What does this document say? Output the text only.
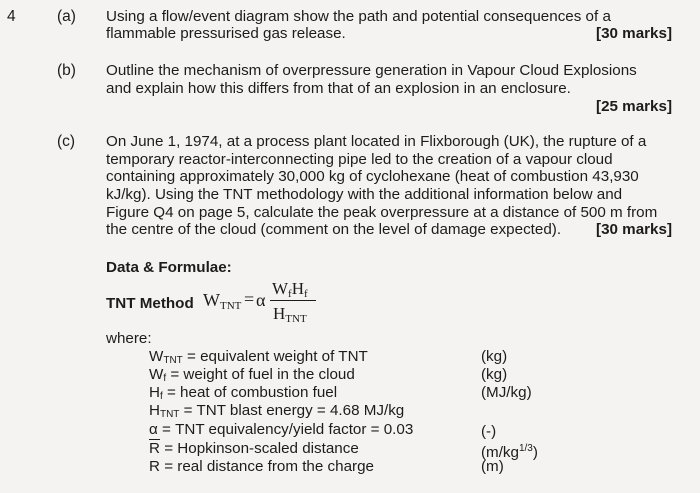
4	(a) Using a flow/event diagram show the path and potential consequences of a
flammable pressurised gas release.	[30 marks]
(b) Outline the mechanism of overpressure generation in Vapour Cloud Explosions
and explain how this differs from that of an explosion in an enclosure.
[25 marks]
(c) On June 1, 1974, at a process plant located in Flixborough (UK), the rupture of a
temporary reactor-interconnecting pipe led to the creation of a vapour cloud
containing approximately 30,000 kg of cyclohexane (heat of combustion 43,930
kJ/kg). Using the TNT methodology with the additional information below and
Figure Q4 on page 5, calculate the peak overpressure at a distance of 500 m from
the centre of the cloud (comment on the level of damage expected). [30 marks]
Data & Formulae:
TNT Method WTNT = α
WfHf
HTNT
where:
WTNT = equivalent weight of TNT	(kg)
Wf = weight of fuel in the cloud	(kg)
Hf = heat of combustion fuel	(MJ/kg)
HTNT = TNT blast energy = 4.68 MJ/kg
α = TNT equivalency/yield factor = 0.03	(-)
$\overline{R}$ = Hopkinson-scaled distance	$(m/kg^{1/3})$
R = real distance from the charge	(m)
